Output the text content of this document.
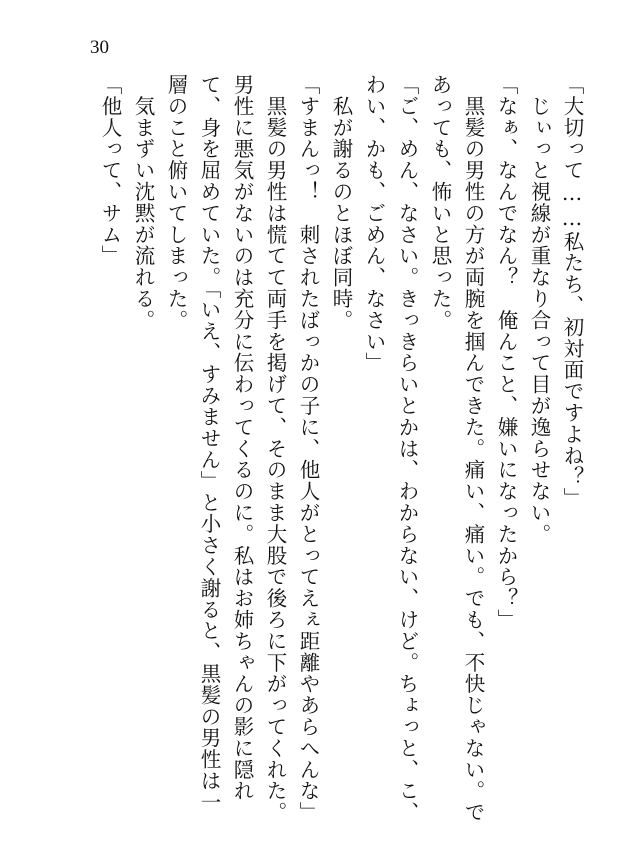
30
「大切って……私たち、初対面ですよね？」
　じぃっと視線が重なり合って目が逸らせない。
「なぁ、なんでなん？　俺んこと、嫌いになったから？」
　黒髪の男性の方が両腕を掴んできた。痛い、痛い。でも、不快じゃない。で
あっても、怖いと思った。
「ご、めん、なさい。きっきらいとかは、わからない、けど。ちょっと、こ、
わい、かも、ごめん、なさい」
　私が謝るのとほぼ同時。
「すまんっ！　刺されたばっかの子に、他人がとってえぇ距離やあらへんな」
　黒髪の男性は慌てて両手を掲げて、そのまま大股で後ろに下がってくれた。
男性に悪気がないのは充分に伝わってくるのに。私はお姉ちゃんの影に隠れ
て、身を屈めていた。「いえ、すみません」と小さく謝ると、黒髪の男性は一
層のこと俯いてしまった。
　気まずい沈黙が流れる。
「他人って、サム」
